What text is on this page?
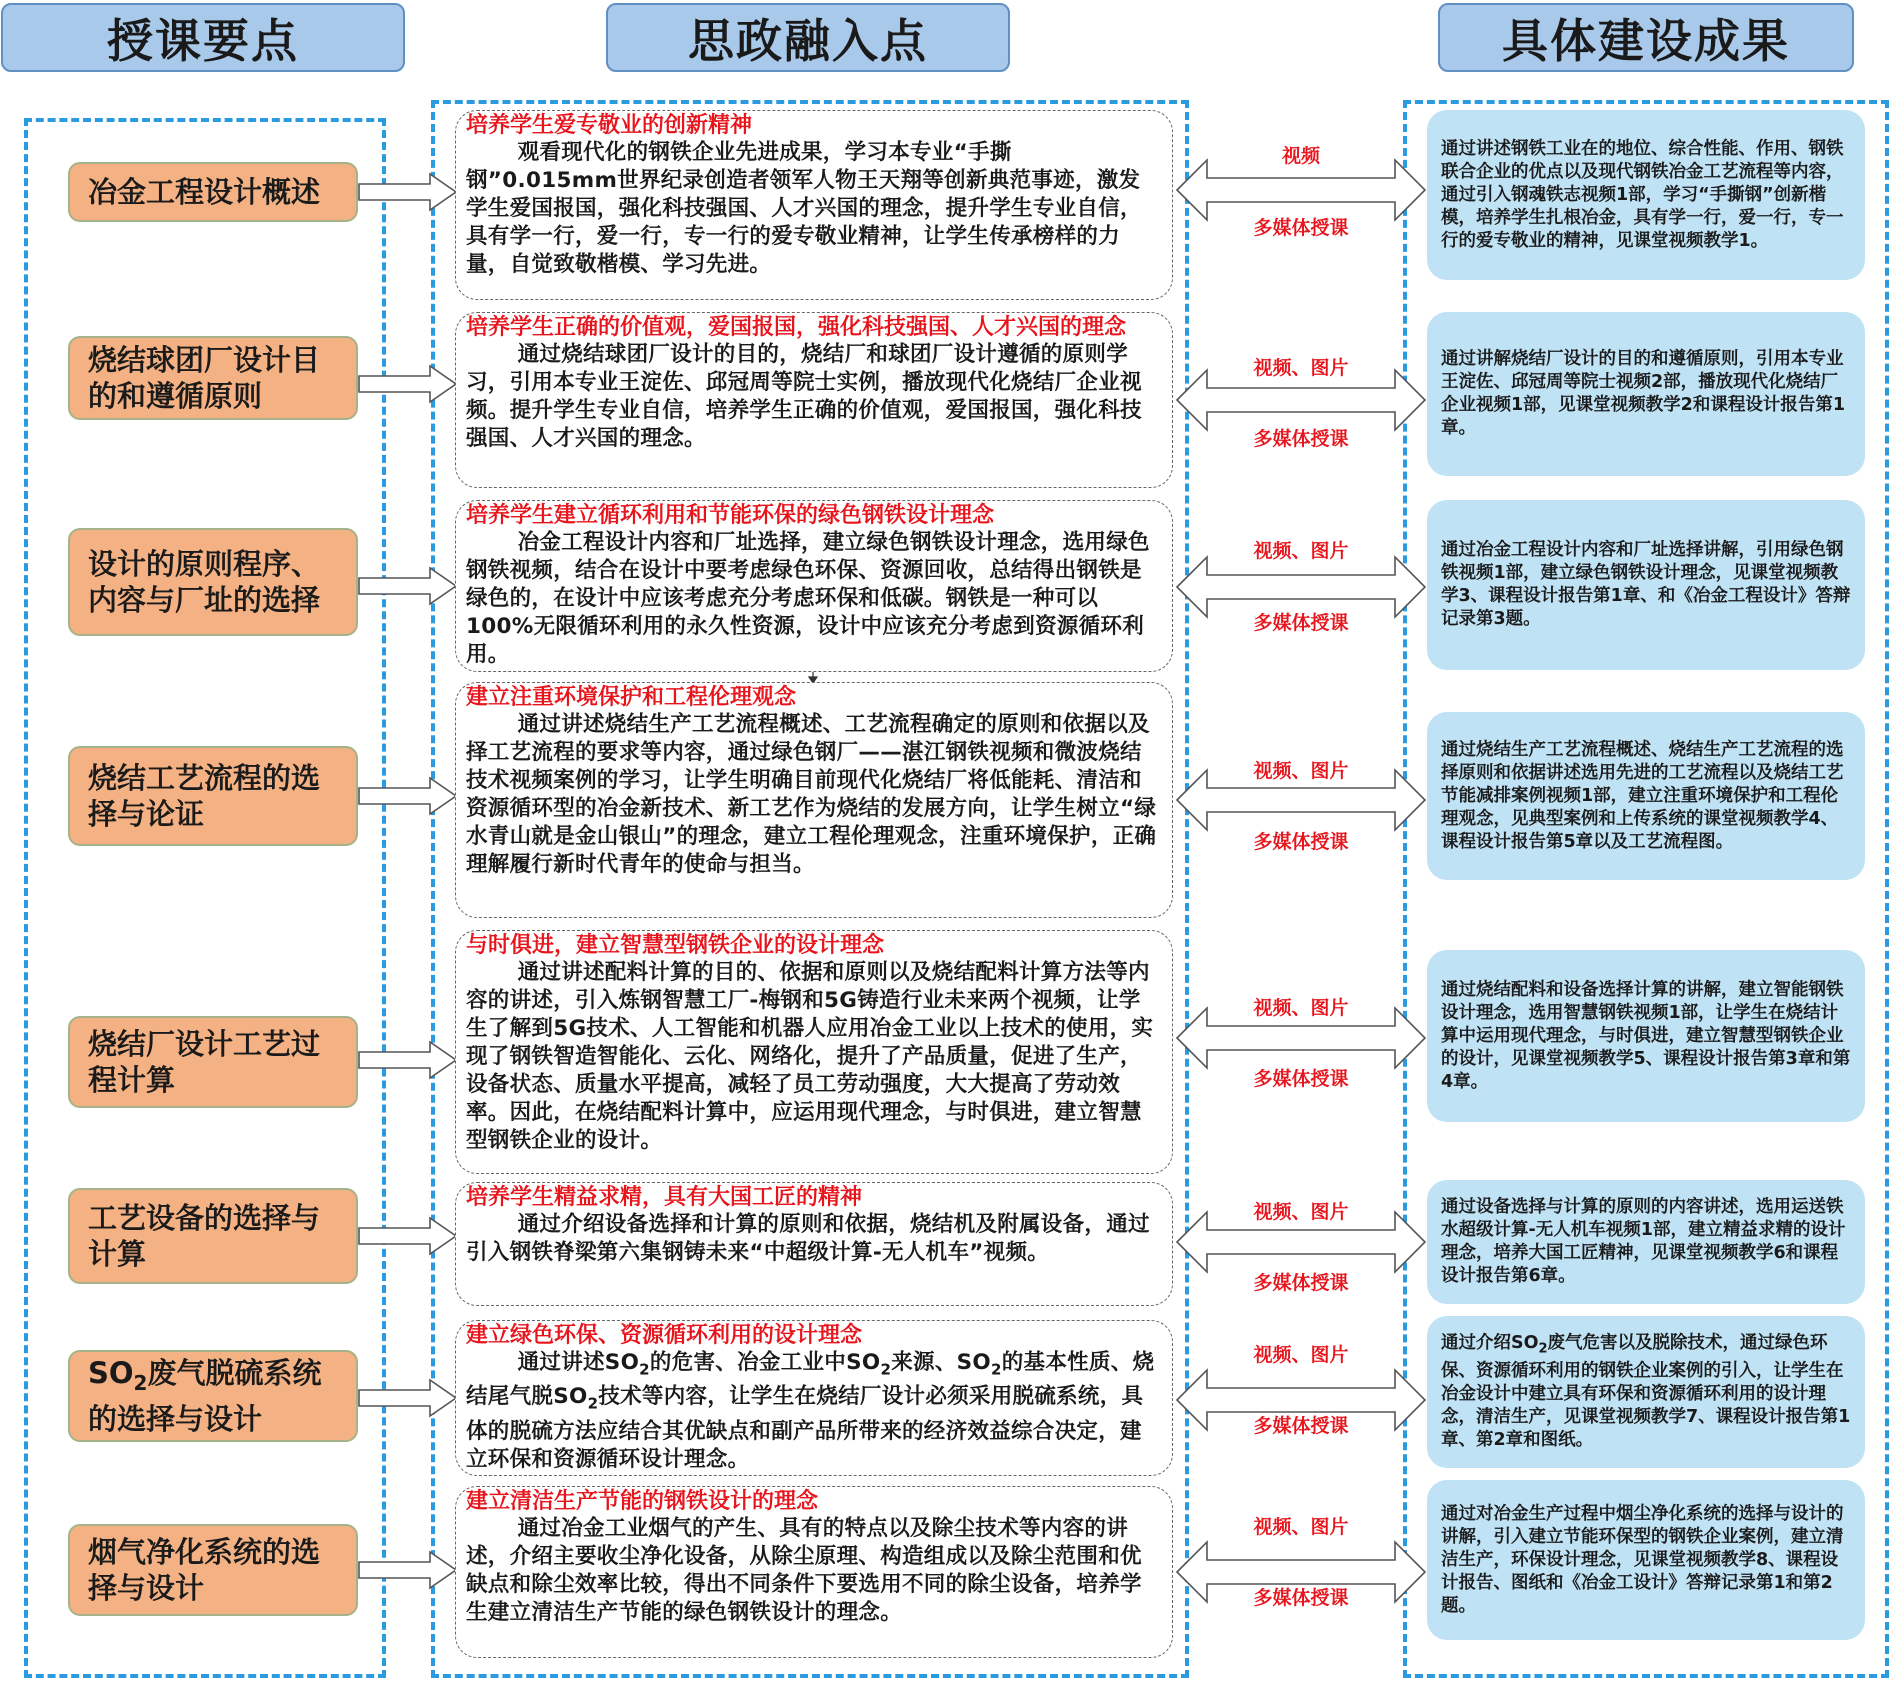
授课要点	思政融入点	具体建设成果
冶金工程设计概述
培养学生爱专敬业的创新精神
观看现代化的钢铁企业先进成果，学习本专业“手撕钢”0.015mm世界纪录创造者领军人物王天翔等创新典范事迹，激发学生爱国报国，强化科技强国、人才兴国的理念，提升学生专业自信，具有学一行，爱一行，专一行的爱专敬业精神，让学生传承榜样的力量，自觉致敬楷模、学习先进。
视频
多媒体授课
通过讲述钢铁工业在的地位、综合性能、作用、钢铁联合企业的优点以及现代钢铁冶金工艺流程等内容，通过引入钢魂铁志视频1部，学习“手撕钢”创新楷模，培养学生扎根冶金，具有学一行，爱一行，专一行的爱专敬业的精神，见课堂视频教学1。
烧结球团厂设计目的和遵循原则
培养学生正确的价值观，爱国报国，强化科技强国、人才兴国的理念
通过烧结球团厂设计的目的，烧结厂和球团厂设计遵循的原则学习，引用本专业王淀佐、邱冠周等院士实例，播放现代化烧结厂企业视频。提升学生专业自信，培养学生正确的价值观，爱国报国，强化科技强国、人才兴国的理念。
视频、图片
多媒体授课
通过讲解烧结厂设计的目的和遵循原则，引用本专业王淀佐、邱冠周等院士视频2部，播放现代化烧结厂企业视频1部，见课堂视频教学2和课程设计报告第1章。
设计的原则程序、内容与厂址的选择
培养学生建立循环利用和节能环保的绿色钢铁设计理念
冶金工程设计内容和厂址选择，建立绿色钢铁设计理念，选用绿色钢铁视频，结合在设计中要考虑绿色环保、资源回收，总结得出钢铁是绿色的，在设计中应该考虑充分考虑环保和低碳。钢铁是一种可以100%无限循环利用的永久性资源，设计中应该充分考虑到资源循环利用。
视频、图片
多媒体授课
通过冶金工程设计内容和厂址选择讲解，引用绿色钢铁视频1部，建立绿色钢铁设计理念，见课堂视频教学3、课程设计报告第1章、和《冶金工程设计》答辩记录第3题。
烧结工艺流程的选择与论证
建立注重环境保护和工程伦理观念
通过讲述烧结生产工艺流程概述、工艺流程确定的原则和依据以及择工艺流程的要求等内容，通过绿色钢厂——湛江钢铁视频和微波烧结技术视频案例的学习，让学生明确目前现代化烧结厂将低能耗、清洁和资源循环型的冶金新技术、新工艺作为烧结的发展方向，让学生树立“绿水青山就是金山银山”的理念，建立工程伦理观念，注重环境保护，正确理解履行新时代青年的使命与担当。
视频、图片
多媒体授课
通过烧结生产工艺流程概述、烧结生产工艺流程的选择原则和依据讲述选用先进的工艺流程以及烧结工艺节能减排案例视频1部，建立注重环境保护和工程伦理观念，见典型案例和上传系统的课堂视频教学4、课程设计报告第5章以及工艺流程图。
烧结厂设计工艺过程计算
与时俱进，建立智慧型钢铁企业的设计理念
通过讲述配料计算的目的、依据和原则以及烧结配料计算方法等内容的讲述，引入炼钢智慧工厂-梅钢和5G铸造行业未来两个视频，让学生了解到5G技术、人工智能和机器人应用冶金工业以上技术的使用，实现了钢铁智造智能化、云化、网络化，提升了产品质量，促进了生产，设备状态、质量水平提高，减轻了员工劳动强度，大大提高了劳动效率。因此，在烧结配料计算中，应运用现代理念，与时俱进，建立智慧型钢铁企业的设计。
视频、图片
多媒体授课
通过烧结配料和设备选择计算的讲解，建立智能钢铁设计理念，选用智慧钢铁视频1部，让学生在烧结计算中运用现代理念，与时俱进，建立智慧型钢铁企业的设计，见课堂视频教学5、课程设计报告第3章和第4章。
工艺设备的选择与计算
培养学生精益求精，具有大国工匠的精神
通过介绍设备选择和计算的原则和依据，烧结机及附属设备，通过引入钢铁脊梁第六集钢铸未来“中超级计算-无人机车”视频。
视频、图片
多媒体授课
通过设备选择与计算的原则的内容讲述，选用运送铁水超级计算-无人机车视频1部，建立精益求精的设计理念，培养大国工匠精神，见课堂视频教学6和课程设计报告第6章。
$SO_2$废气脱硫系统的选择与设计
建立绿色环保、资源循环利用的设计理念
通过讲述$SO_2$的危害、冶金工业中$SO_2$来源、$SO_2$的基本性质、烧结尾气脱$SO_2$技术等内容，让学生在烧结厂设计必须采用脱硫系统，具体的脱硫方法应结合其优缺点和副产品所带来的经济效益综合决定，建立环保和资源循环设计理念。
视频、图片
多媒体授课
通过介绍$SO_2$废气危害以及脱除技术，通过绿色环保、资源循环利用的钢铁企业案例的引入，让学生在冶金设计中建立具有环保和资源循环利用的设计理念，清洁生产，见课堂视频教学7、课程设计报告第1章、第2章和图纸。
烟气净化系统的选择与设计
建立清洁生产节能的钢铁设计的理念
通过冶金工业烟气的产生、具有的特点以及除尘技术等内容的讲述，介绍主要收尘净化设备，从除尘原理、构造组成以及除尘范围和优缺点和除尘效率比较，得出不同条件下要选用不同的除尘设备，培养学生建立清洁生产节能的绿色钢铁设计的理念。
视频、图片
多媒体授课
通过对冶金生产过程中烟尘净化系统的选择与设计的讲解，引入建立节能环保型的钢铁企业案例，建立清洁生产，环保设计理念，见课堂视频教学8、课程设计报告、图纸和《冶金工设计》答辩记录第1和第2题。
